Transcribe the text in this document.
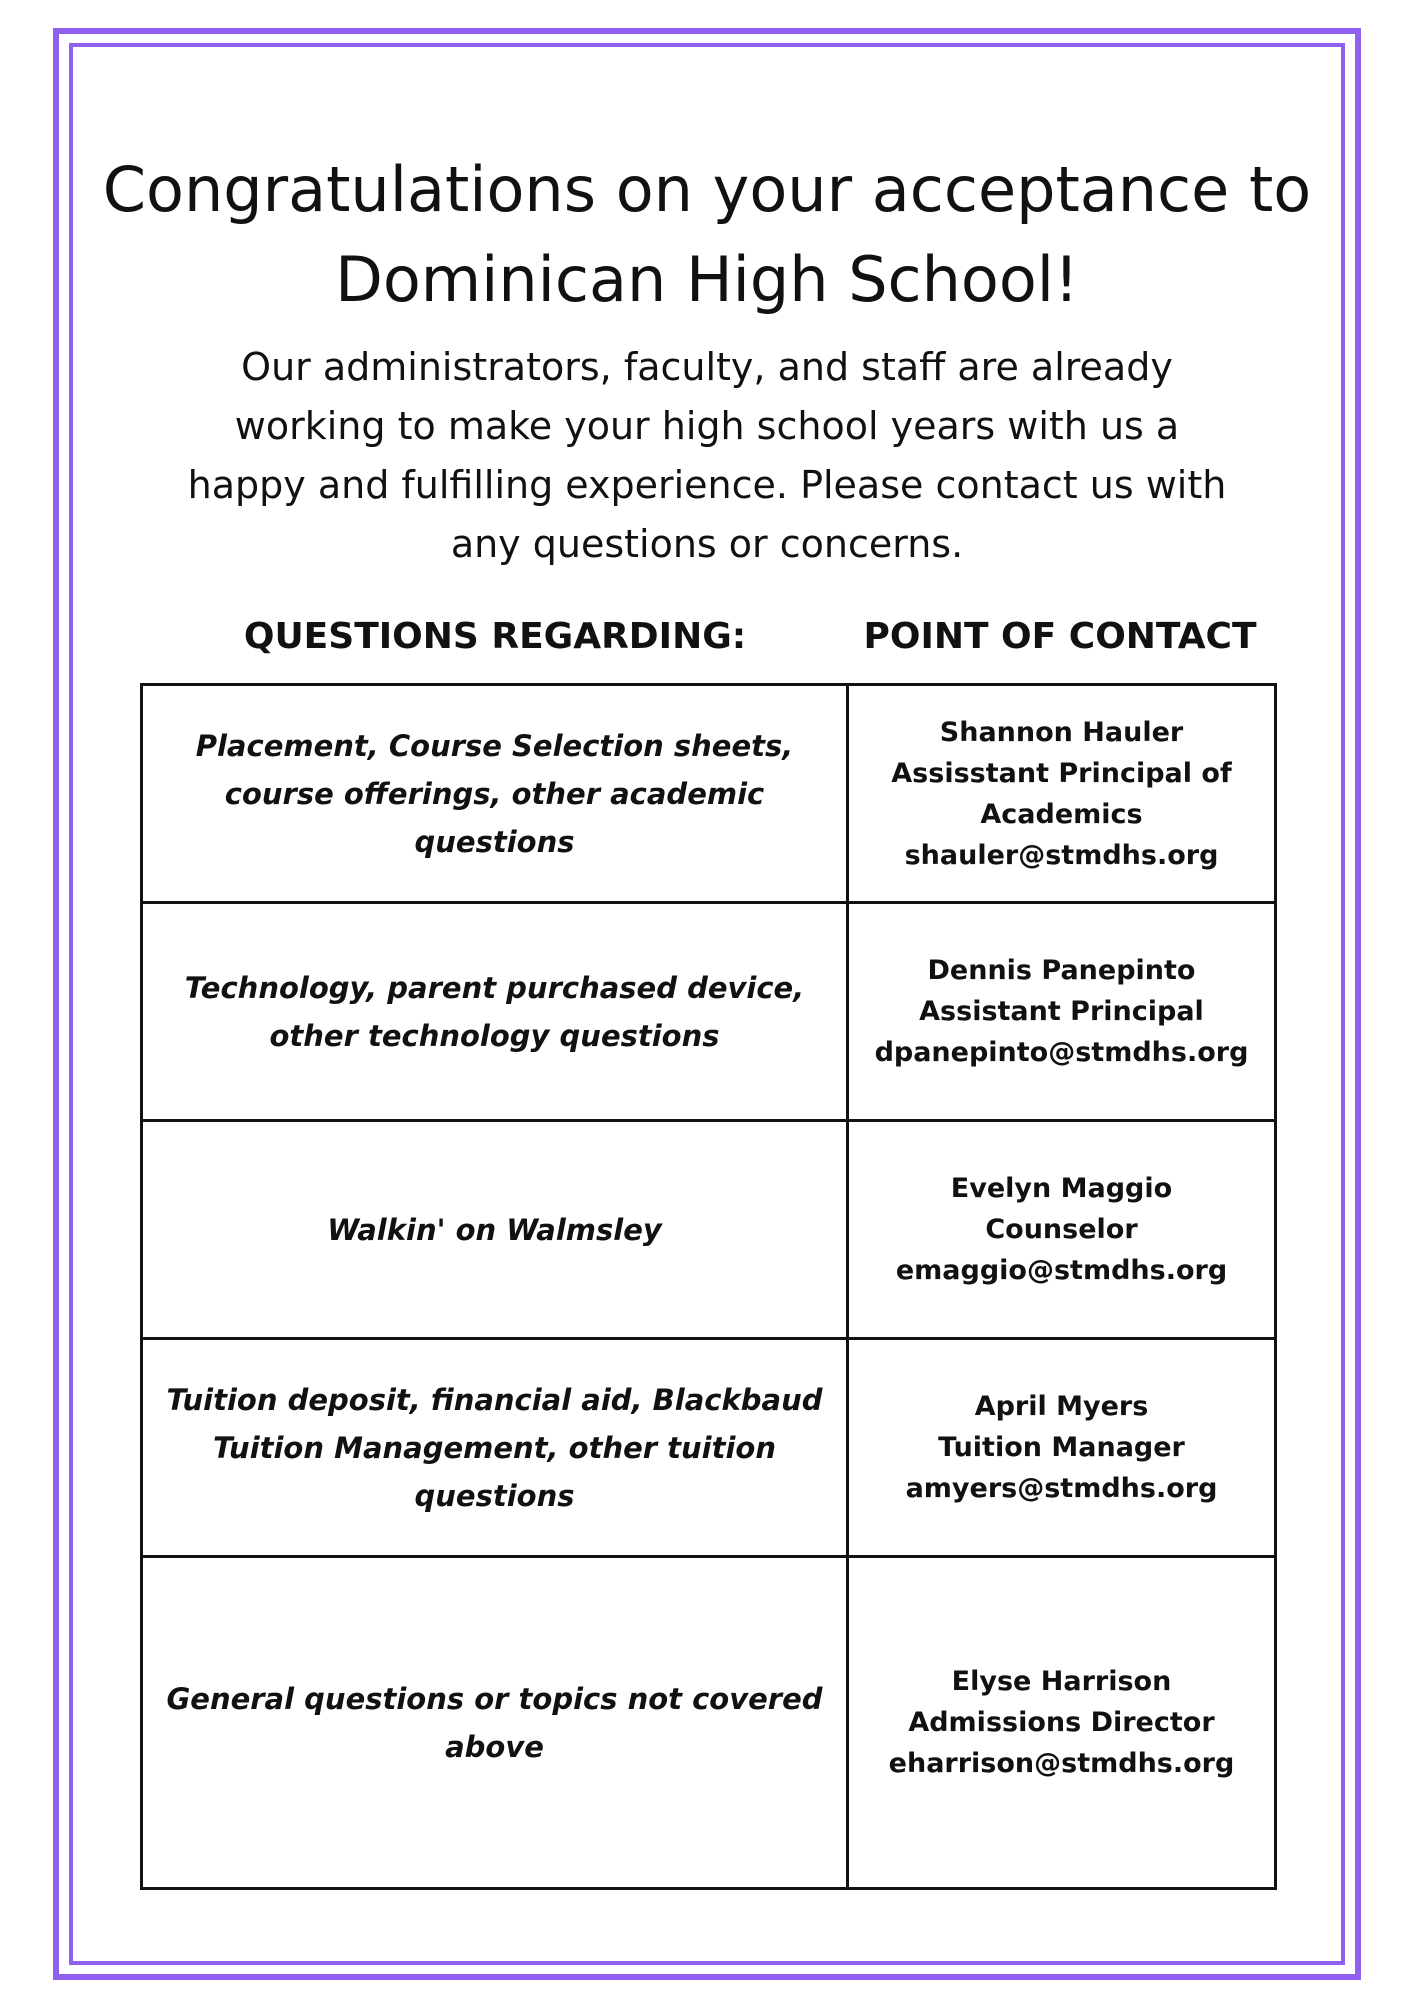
Congratulations on your acceptance to Dominican High School!
Our administrators, faculty, and staff are already working to make your high school years with us a happy and fulfilling experience. Please contact us with any questions or concerns.
QUESTIONS REGARDING:	POINT OF CONTACT
Placement, Course Selection sheets, course offerings, other academic questions	Shannon Hauler
Assisstant Principal of Academics
shauler@stmdhs.org

Technology, parent purchased device, other technology questions	Dennis Panepinto
Assistant Principal
dpanepinto@stmdhs.org

Walkin' on Walmsley	Evelyn Maggio
Counselor
emaggio@stmdhs.org

Tuition deposit, financial aid, Blackbaud Tuition Management, other tuition questions	April Myers
Tuition Manager
amyers@stmdhs.org

General questions or topics not covered above	Elyse Harrison
Admissions Director
eharrison@stmdhs.org
